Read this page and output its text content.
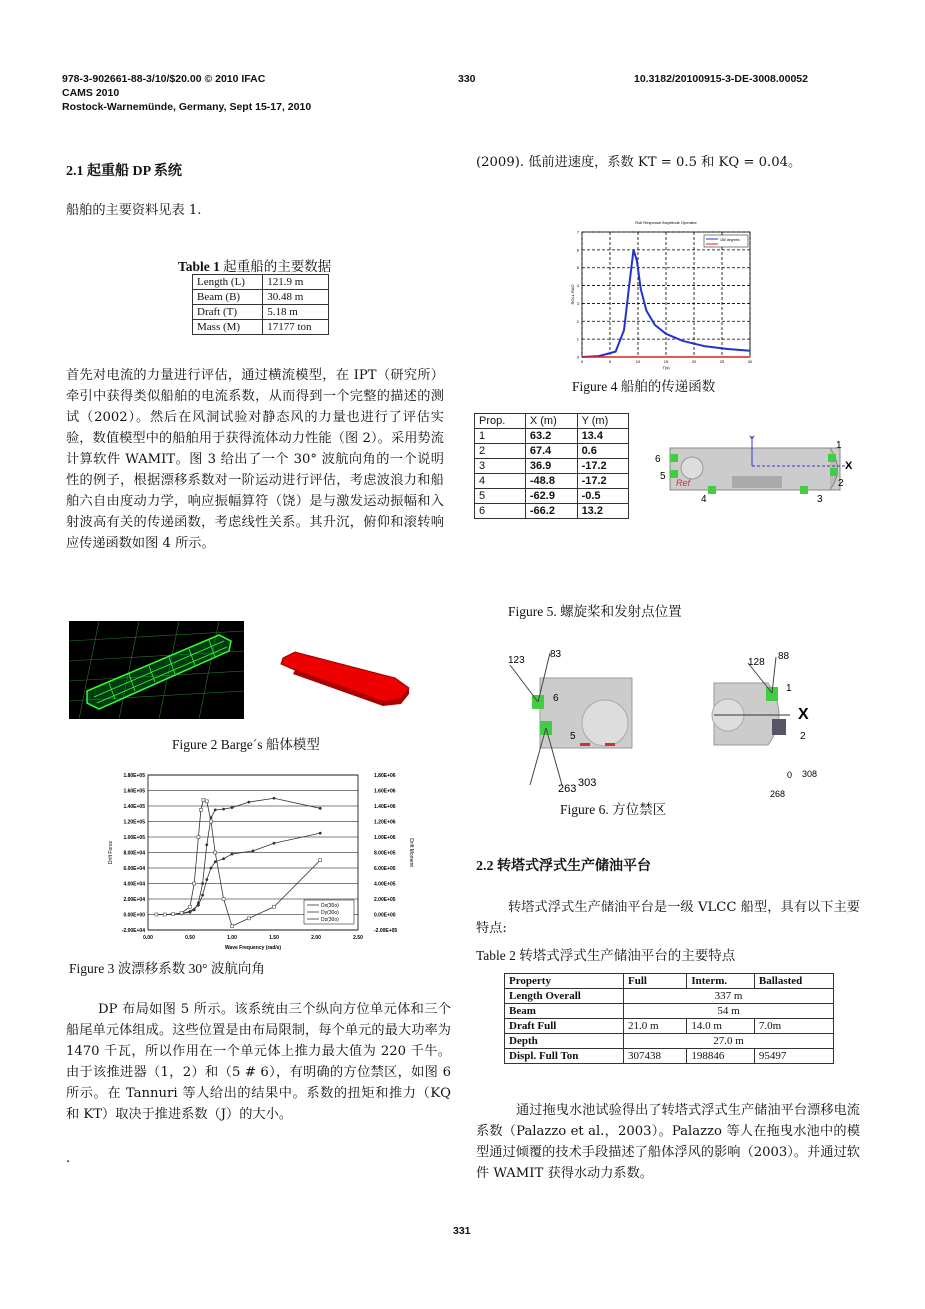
978-3-902661-88-3/10/$20.00 © 2010 IFAC
CAMS 2010
Rostock-Warnemünde, Germany, Sept 15-17, 2010
330	10.3182/20100915-3-DE-3008.00052
2.1 起重船 DP 系统
船舶的主要资料见表 1.
Table 1 起重船的主要数据
Length (L)	121.9 m
Beam (B)	30.48 m
Draft (T)	5.18 m
Mass (M)	17177 ton
首先对电流的力量进行评估，通过横流模型，在 IPT（研究所）牵引中获得类似船舶的电流系数，从而得到一个完整的描述的测试（2002）。然后在风洞试验对静态风的力量也进行了评估实验，数值模型中的船舶用于获得流体动力性能（图 2）。采用势流计算软件 WAMIT。图 3 给出了一个 30° 波航向角的一个说明性的例子，根据漂移系数对一阶运动进行评估，考虑波浪力和船舶六自由度动力学，响应振幅算符（饶）是与激发运动振幅和入射波高有关的传递函数，考虑线性关系。其升沉，俯仰和滚转响应传递函数如图 4 所示。
Figure 2 Barge´s 船体模型
-2.00E+04	-2.00E+05
0.00E+00	0.00E+00
2.00E+04	2.00E+05
4.00E+04	4.00E+05
6.00E+04	6.00E+05
8.00E+04	8.00E+05
1.00E+05	1.00E+06
1.20E+05	1.20E+06
1.40E+05	1.40E+06
1.60E+05	1.60E+06
1.80E+05	1.80E+06
0.00	0.50	1.00	1.50	2.00	2.50
Wave Frequency (rad/s)
Drift Force	Drift Moment
Dx(30o)
Dy(30o)
Dz(30o)
Figure 3 波漂移系数 30° 波航向角
DP 布局如图 5 所示。该系统由三个纵向方位单元体和三个船尾单元体组成。这些位置是由布局限制，每个单元的最大功率为 1470 千瓦，所以作用在一个单元体上推力最大值为 220 千牛。由于该推进器（1，2）和（5 # 6），有明确的方位禁区，如图 6 所示。在 Tannuri 等人给出的结果中。系数的扭矩和推力（KQ 和 KT）取决于推进系数（J）的大小。
.
(2009). 低前进速度，系数 KT = 0.5 和 KQ = 0.04。
Roll Response Amplitude Operator
0
1
2
3
4
5
6
7
0	5	10	15	20	25	30
T(s)
ROLL RAO
180 degrees
Figure 4 船舶的传递函数
Prop.	X (m)	Y (m)
1	63.2	13.4
2	67.4	0.6
3	36.9	-17.2
4	-48.8	-17.2
5	-62.9	-0.5
6	-66.2	13.2
1
2
3
4
5
6
X
Y
Ref
Figure 5. 螺旋桨和发射点位置
123
83
6
5
263 303
128
88
1
2
X
0 308
268
Figure 6. 方位禁区
2.2 转塔式浮式生产储油平台
转塔式浮式生产储油平台是一级 VLCC 船型，具有以下主要特点:
Table 2 转塔式浮式生产储油平台的主要特点
Property	Full	Interm.	Ballasted
Length Overall	337 m		
Beam	54 m		
Draft Full	21.0 m	14.0 m	7.0m
Depth	27.0 m		
Displ. Full Ton	307438	198846	95497
通过拖曳水池试验得出了转塔式浮式生产储油平台漂移电流系数（Palazzo et al.，2003）。Palazzo 等人在拖曳水池中的模型通过倾覆的技术手段描述了船体浮风的影响（2003）。并通过软件 WAMIT 获得水动力系数。
331
